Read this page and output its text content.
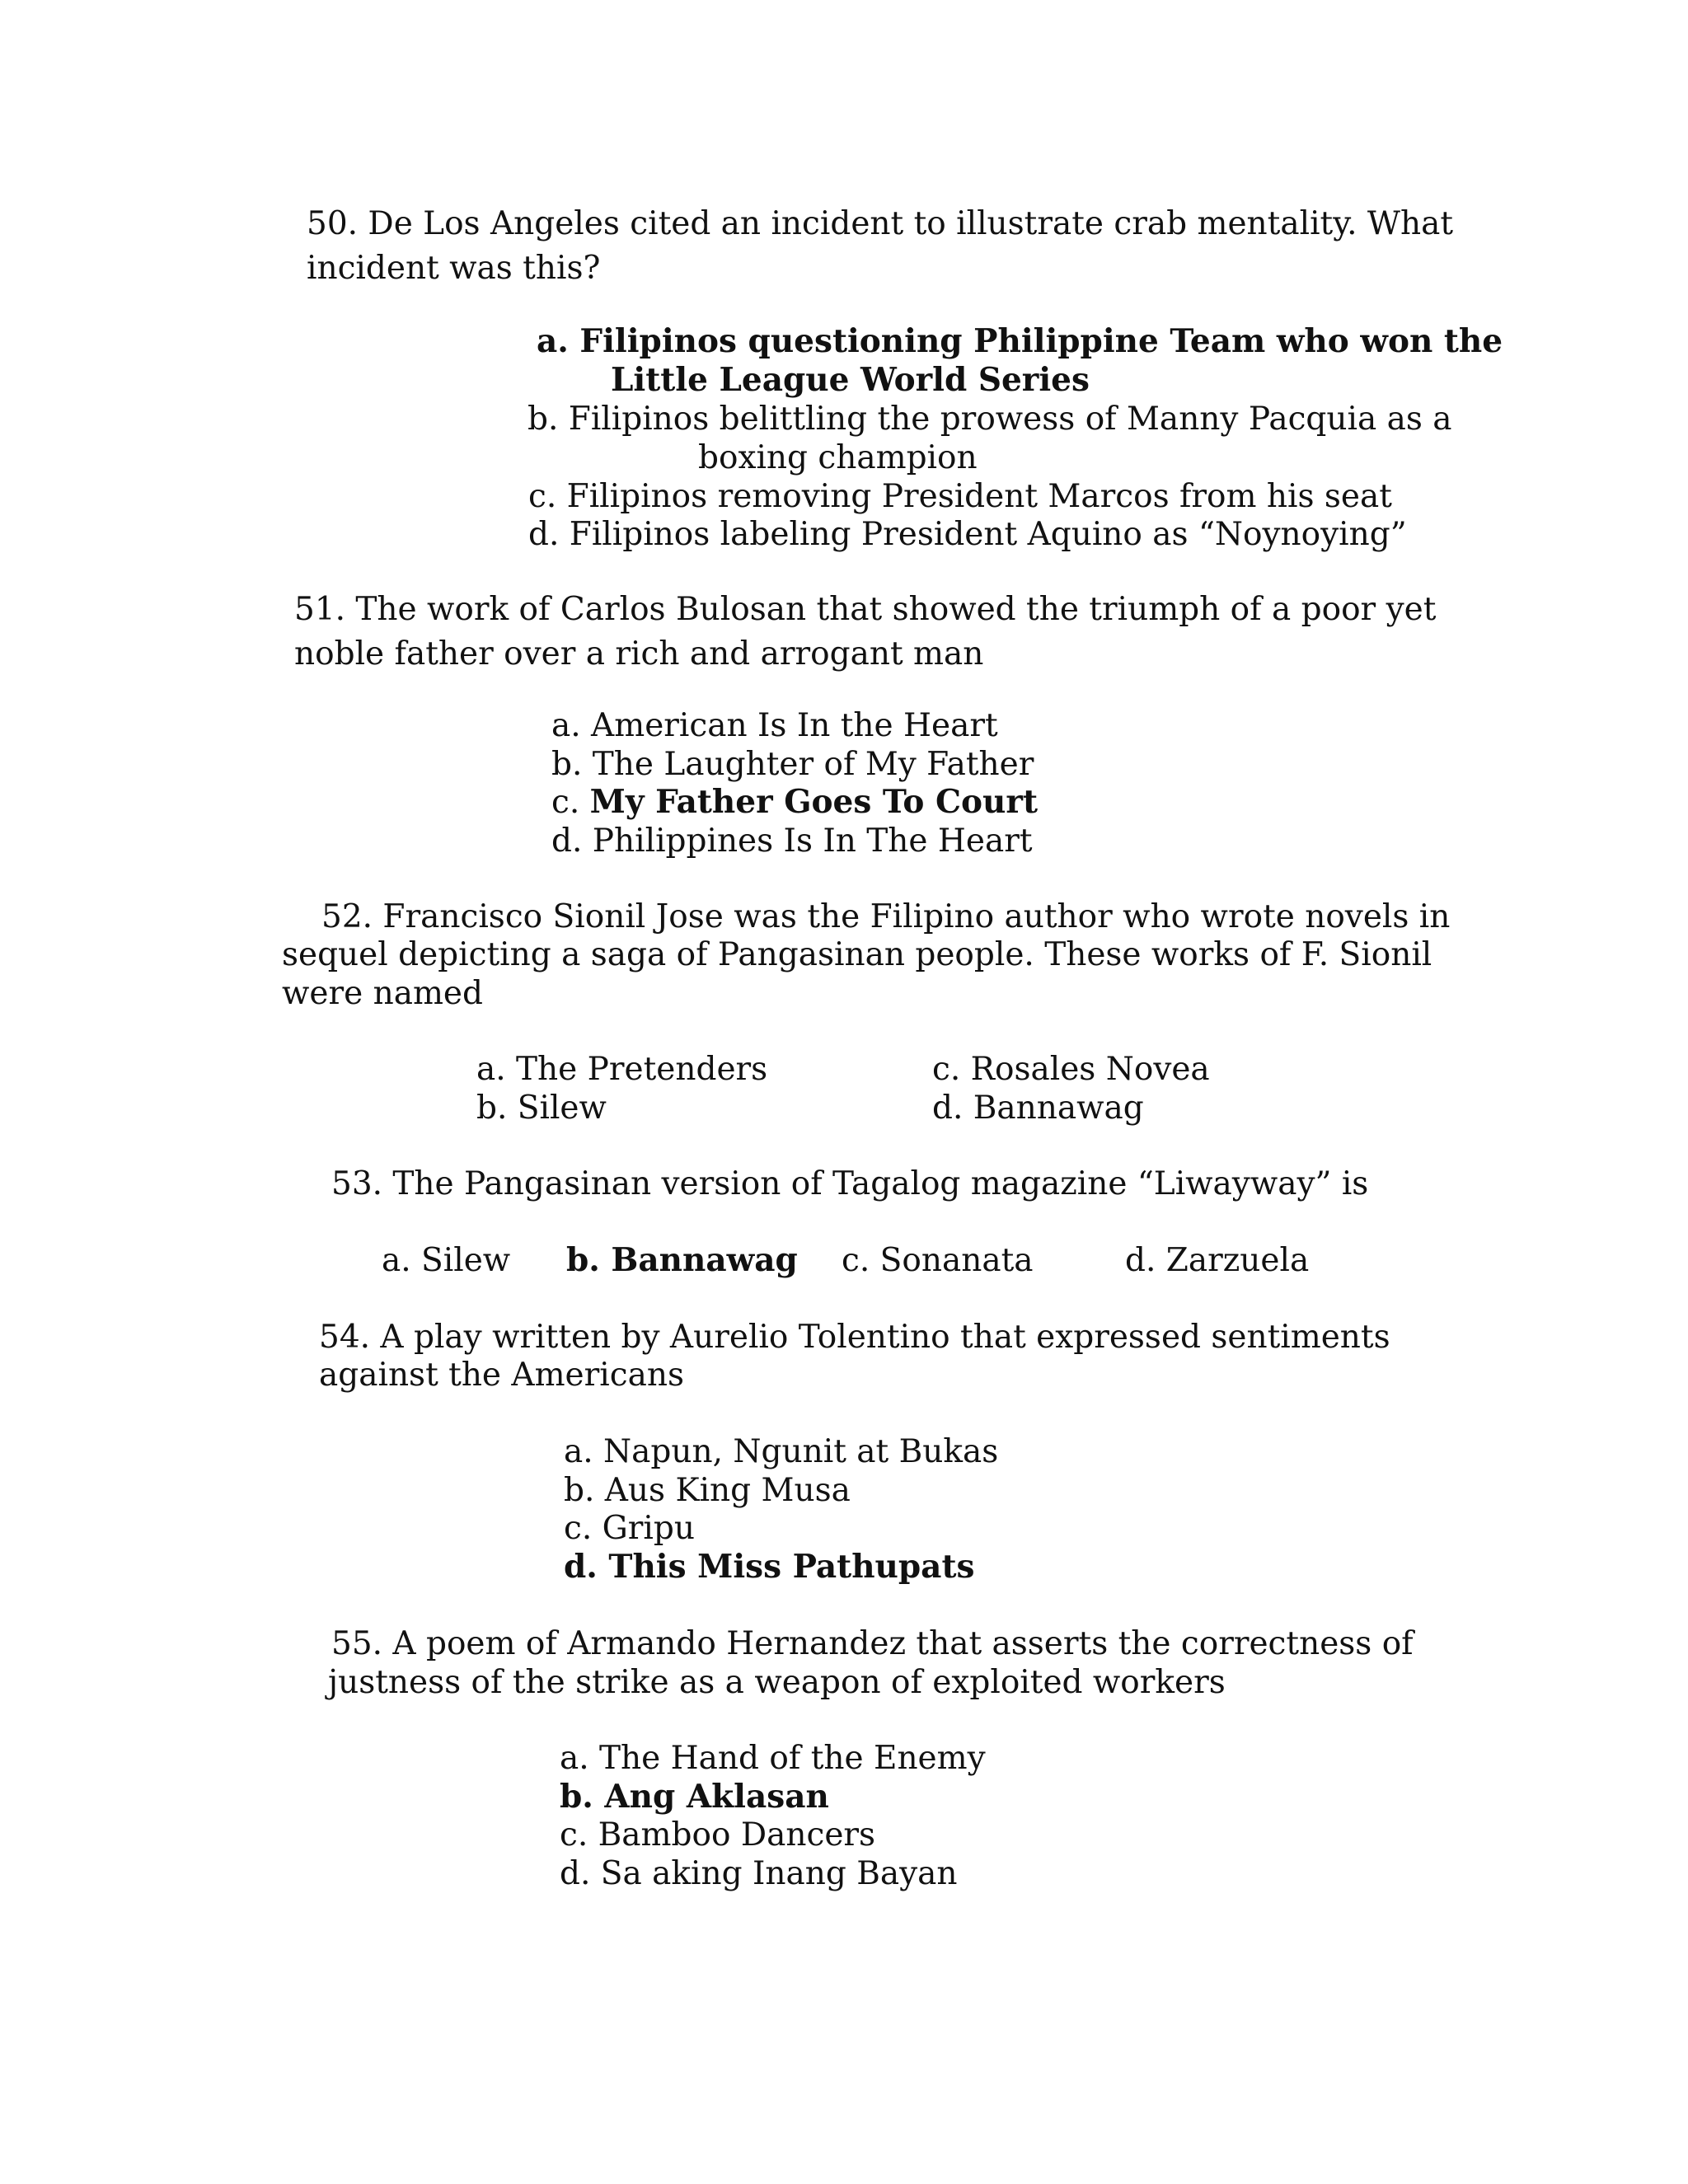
50. De Los Angeles cited an incident to illustrate crab mentality. What
incident was this?
a. Filipinos questioning Philippine Team who won the
Little League World Series
b. Filipinos belittling the prowess of Manny Pacquia as a
boxing champion
c. Filipinos removing President Marcos from his seat
d. Filipinos labeling President Aquino as “Noynoying”
51. The work of Carlos Bulosan that showed the triumph of a poor yet
noble father over a rich and arrogant man
a. American Is In the Heart
b. The Laughter of My Father
c. My Father Goes To Court
d. Philippines Is In The Heart
52. Francisco Sionil Jose was the Filipino author who wrote novels in
sequel depicting a saga of Pangasinan people. These works of F. Sionil
were named
a. The Pretenders
b. Silew
c. Rosales Novea
d. Bannawag
53. The Pangasinan version of Tagalog magazine “Liwayway” is
a. Silew b. Bannawag c. Sonanata	d. Zarzuela
54. A play written by Aurelio Tolentino that expressed sentiments
against the Americans
a. Napun, Ngunit at Bukas
b. Aus King Musa
c. Gripu
d. This Miss Pathupats
55. A poem of Armando Hernandez that asserts the correctness of
justness of the strike as a weapon of exploited workers
a. The Hand of the Enemy
b. Ang Aklasan
c. Bamboo Dancers
d. Sa aking Inang Bayan
